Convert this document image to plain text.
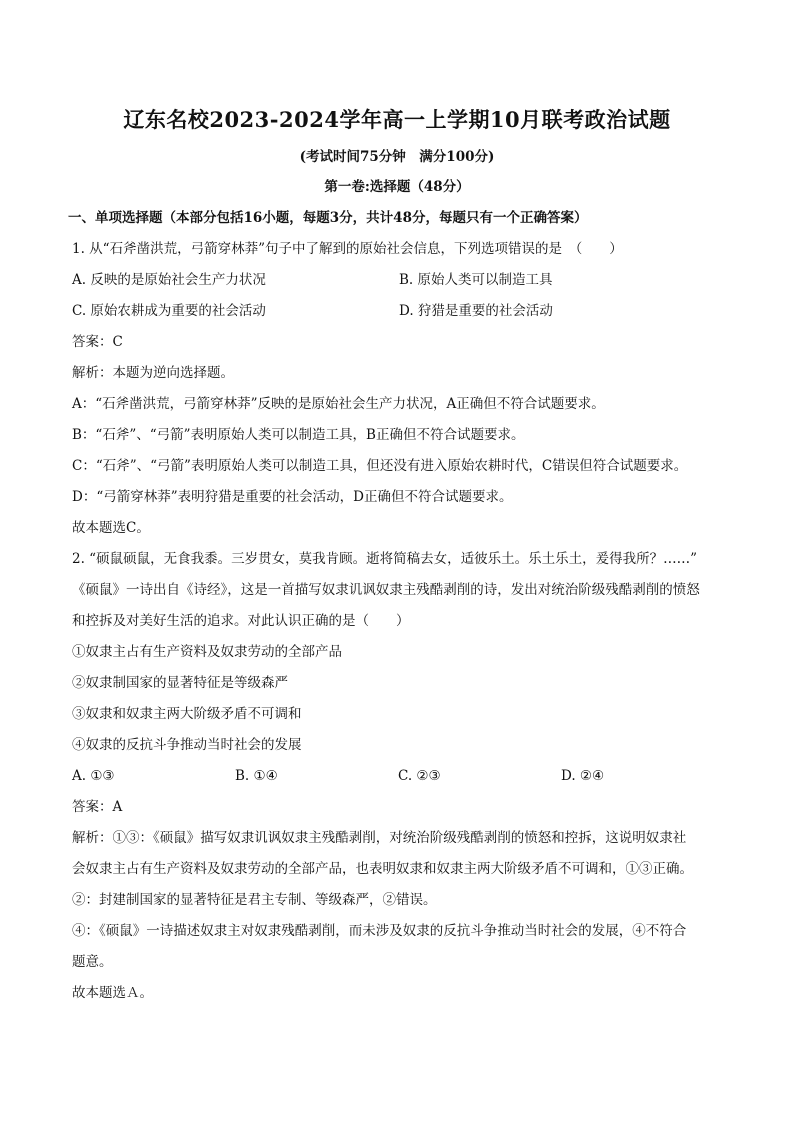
辽东名校2023-2024学年高一上学期10月联考政治试题
(考试时间75分钟　满分100分)
第一卷:选择题（48分）
一、单项选择题（本部分包括16小题，每题3分，共计48分，每题只有一个正确答案）
1. 从“石斧凿洪荒，弓箭穿林莽”句子中了解到的原始社会信息，下列选项错误的是　（　　）
A. 反映的是原始社会生产力状况	B. 原始人类可以制造工具
C. 原始农耕成为重要的社会活动	D. 狩猎是重要的社会活动
答案：C
解析：本题为逆向选择题。
A：“石斧凿洪荒，弓箭穿林莽”反映的是原始社会生产力状况，A正确但不符合试题要求。
B：“石斧”、“弓箭”表明原始人类可以制造工具，B正确但不符合试题要求。
C：“石斧”、“弓箭”表明原始人类可以制造工具，但还没有进入原始农耕时代，C错误但符合试题要求。
D：“弓箭穿林莽”表明狩猎是重要的社会活动，D正确但不符合试题要求。
故本题选C。
2. “硕鼠硕鼠，无食我黍。三岁贯女，莫我肯顾。逝将简稿去女，适彼乐土。乐土乐土，爰得我所？……”
《硕鼠》一诗出自《诗经》，这是一首描写奴隶讥讽奴隶主残酷剥削的诗，发出对统治阶级残酷剥削的愤怒
和控拆及对美好生活的追求。对此认识正确的是（　　）
①奴隶主占有生产资料及奴隶劳动的全部产品
②奴隶制国家的显著特征是等级森严
③奴隶和奴隶主两大阶级矛盾不可调和
④奴隶的反抗斗争推动当时社会的发展
A. ①③	B. ①④	C. ②③	D. ②④
答案：A
解析：①③：《硕鼠》描写奴隶讥讽奴隶主残酷剥削，对统治阶级残酷剥削的愤怒和控拆，这说明奴隶社
会奴隶主占有生产资料及奴隶劳动的全部产品，也表明奴隶和奴隶主两大阶级矛盾不可调和，①③正确。
②：封建制国家的显著特征是君主专制、等级森严，②错误。
④：《硕鼠》一诗描述奴隶主对奴隶残酷剥削，而未涉及奴隶的反抗斗争推动当时社会的发展，④不符合
题意。
故本题选Ａ。
